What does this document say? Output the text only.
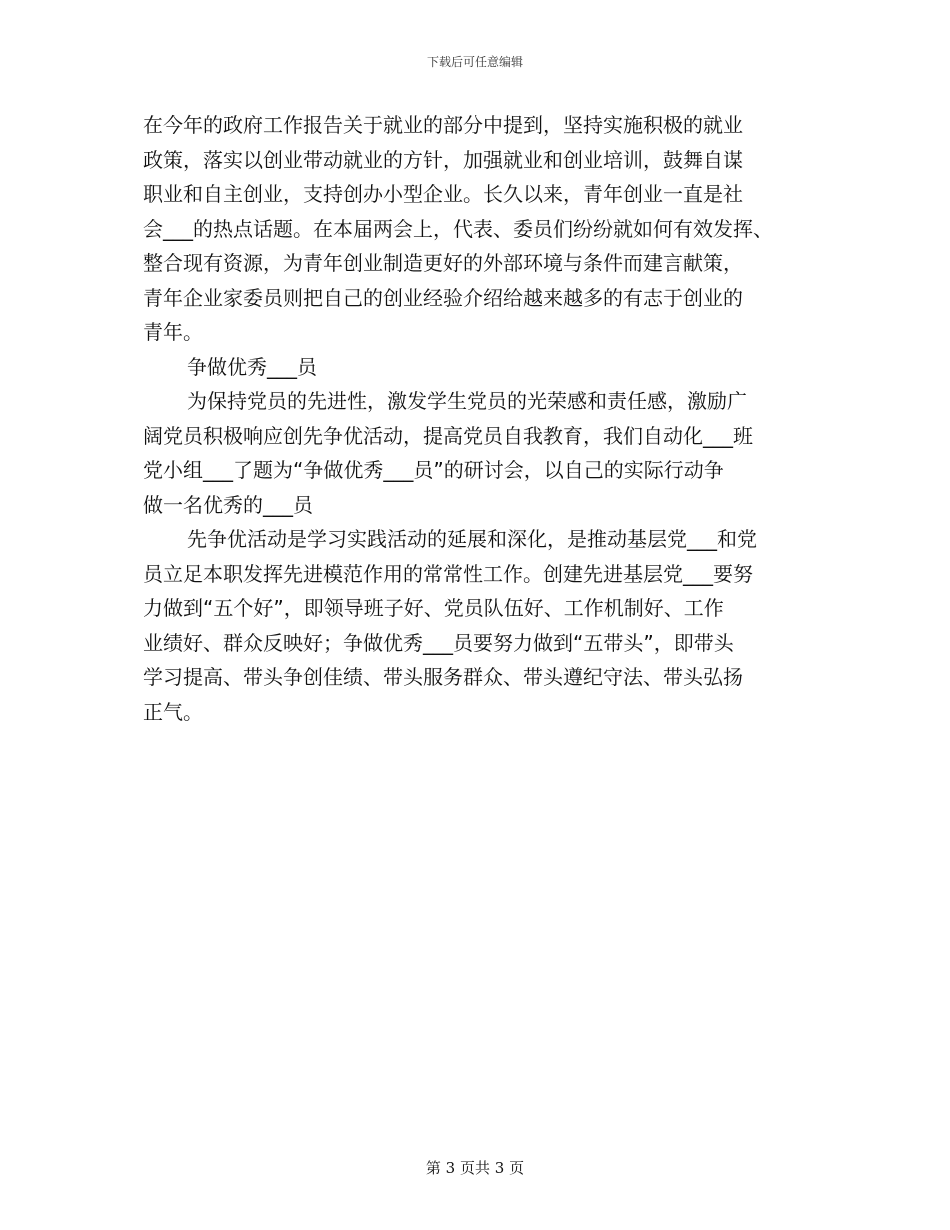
下载后可任意编辑
在今年的政府工作报告关于就业的部分中提到，坚持实施积极的就业
政策，落实以创业带动就业的方针，加强就业和创业培训，鼓舞自谋
职业和自主创业，支持创办小型企业。长久以来，青年创业一直是社
会___的热点话题。在本届两会上，代表、委员们纷纷就如何有效发挥、
整合现有资源，为青年创业制造更好的外部环境与条件而建言献策，
青年企业家委员则把自己的创业经验介绍给越来越多的有志于创业的
青年。
争做优秀___员
为保持党员的先进性，激发学生党员的光荣感和责任感，激励广
阔党员积极响应创先争优活动，提高党员自我教育，我们自动化___班
党小组___了题为“争做优秀___员”的研讨会，以自己的实际行动争
做一名优秀的___员
先争优活动是学习实践活动的延展和深化，是推动基层党___和党
员立足本职发挥先进模范作用的常常性工作。创建先进基层党___要努
力做到“五个好”，即领导班子好、党员队伍好、工作机制好、工作
业绩好、群众反映好；争做优秀___员要努力做到“五带头”，即带头
学习提高、带头争创佳绩、带头服务群众、带头遵纪守法、带头弘扬
正气。
第 3 页共 3 页
